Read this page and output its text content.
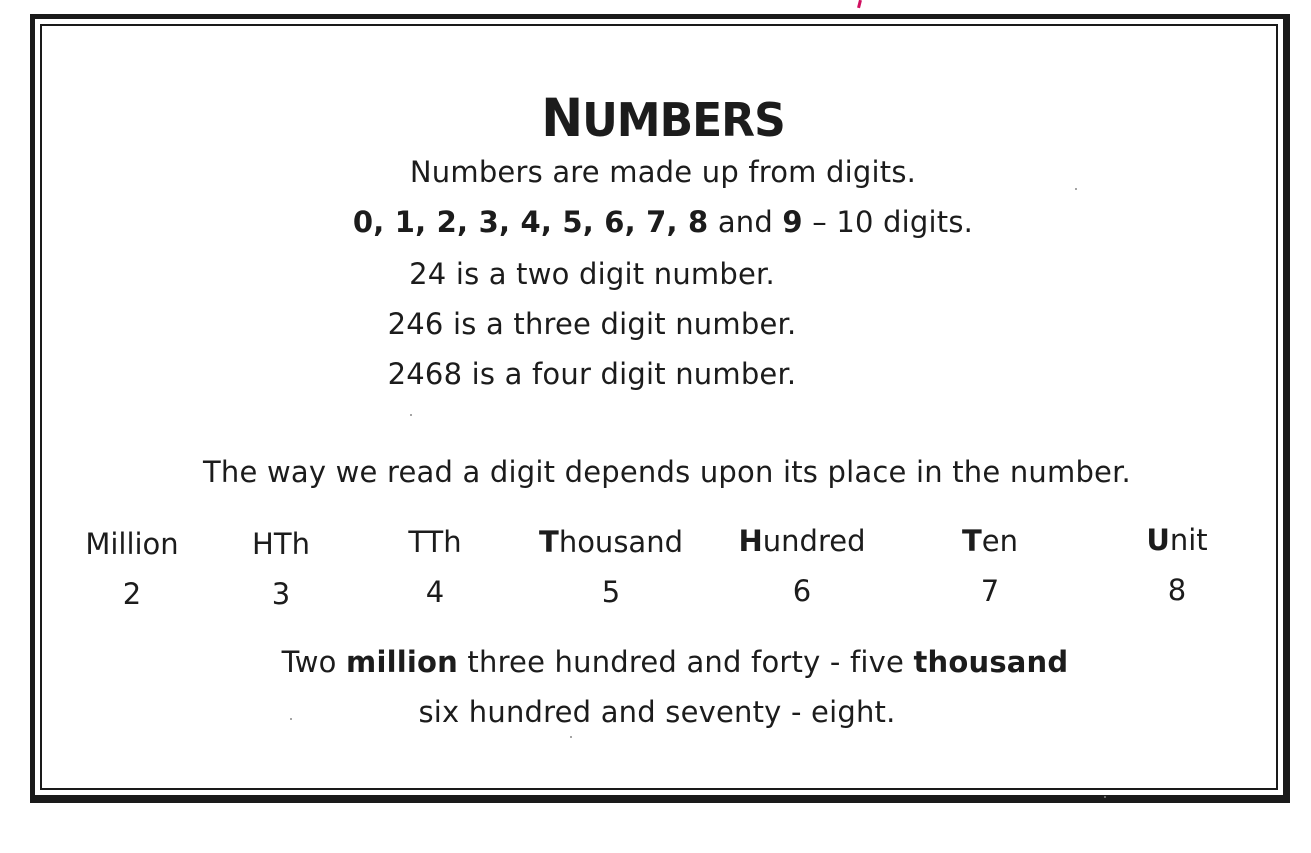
NUMBERS
Numbers are made up from digits.
0, 1, 2, 3, 4, 5, 6, 7, 8 and 9 – 10 digits.
24 is a two digit number.
246 is a three digit number.
2468 is a four digit number.
The way we read a digit depends upon its place in the number.
Million
2
HTh
3
TTh
4
Thousand
5
Hundred
6
Ten
7
Unit
8
Two million three hundred and forty - five thousand
six hundred and seventy - eight.
